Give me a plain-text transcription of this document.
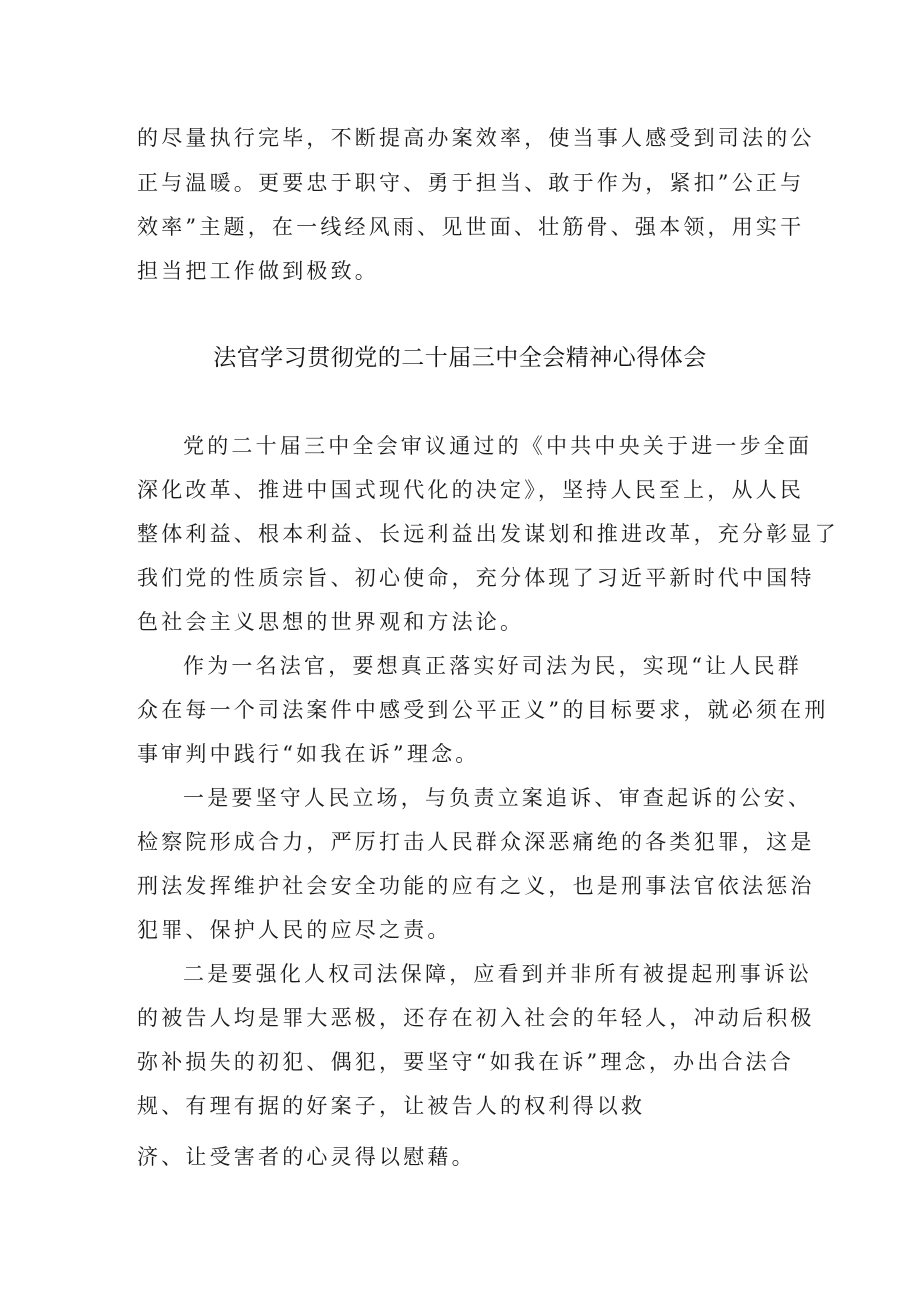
的尽量执行完毕，不断提高办案效率，使当事人感受到司法的公
正与温暖。更要忠于职守、勇于担当、敢于作为，紧扣”公正与
效率”主题，在一线经风雨、见世面、壮筋骨、强本领，用实干
担当把工作做到极致。
法官学习贯彻党的二十届三中全会精神心得体会
党的二十届三中全会审议通过的《中共中央关于进一步全面
深化改革、推进中国式现代化的决定》，坚持人民至上，从人民
整体利益、根本利益、长远利益出发谋划和推进改革，充分彰显了
我们党的性质宗旨、初心使命，充分体现了习近平新时代中国特
色社会主义思想的世界观和方法论。
作为一名法官，要想真正落实好司法为民，实现“让人民群
众在每一个司法案件中感受到公平正义”的目标要求，就必须在刑
事审判中践行“如我在诉”理念。
一是要坚守人民立场，与负责立案追诉、审查起诉的公安、
检察院形成合力，严厉打击人民群众深恶痛绝的各类犯罪，这是
刑法发挥维护社会安全功能的应有之义，也是刑事法官依法惩治
犯罪、保护人民的应尽之责。
二是要强化人权司法保障，应看到并非所有被提起刑事诉讼
的被告人均是罪大恶极，还存在初入社会的年轻人，冲动后积极
弥补损失的初犯、偶犯，要坚守“如我在诉”理念，办出合法合
规、有理有据的好案子，让被告人的权利得以救
济、让受害者的心灵得以慰藉。
